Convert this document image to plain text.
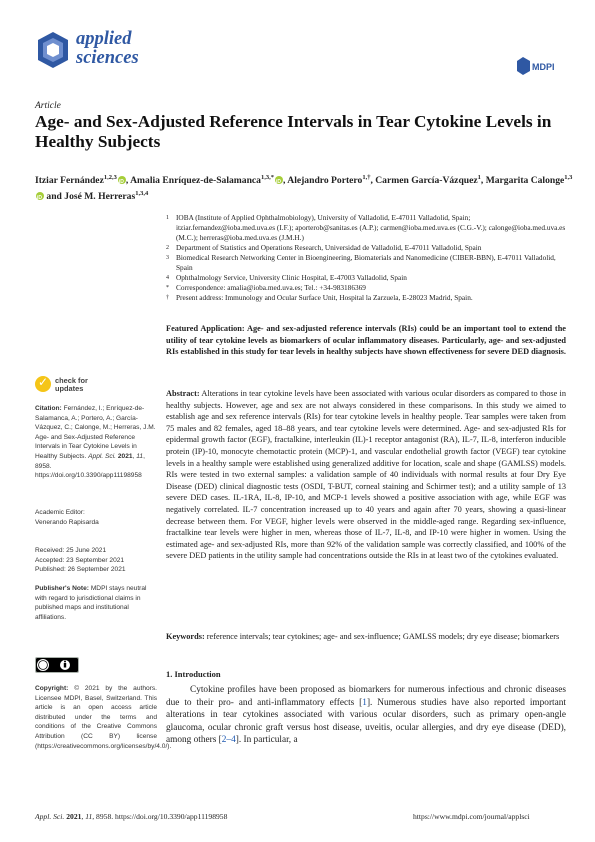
applied
sciences	MDPI
Article
Age- and Sex-Adjusted Reference Intervals in Tear Cytokine Levels in Healthy Subjects
Itziar Fernández$^{1,2,3}$ iD , Amalia Enríquez-de-Salamanca$^{1,3,*}$ iD , Alejandro Portero$^{1,\dagger}$, Carmen García-Vázquez$^1$, Margarita Calonge$^{1,3}$iD and José M. Herreras$^{1,3,4}$
1 IOBA (Institute of Applied Ophthalmobiology), University of Valladolid, E-47011 Valladolid, Spain; itziar.fernandez@ioba.med.uva.es (I.F.); aporterob@sanitas.es (A.P.); carmen@ioba.med.uva.es (C.G.-V.); calonge@ioba.med.uva.es (M.C.); herreras@ioba.med.uva.es (J.M.H.)
2 Department of Statistics and Operations Research, Universidad de Valladolid, E-47011 Valladolid, Spain
3 Biomedical Research Networking Center in Bioengineering, Biomaterials and Nanomedicine (CIBER-BBN), E-47011 Valladolid, Spain
4 Ophthalmology Service, University Clinic Hospital, E-47003 Valladolid, Spain
* Correspondence: amalia@ioba.med.uva.es; Tel.: +34-983186369
† Present address: Immunology and Ocular Surface Unit, Hospital la Zarzuela, E-28023 Madrid, Spain.
Featured Application: Age- and sex-adjusted reference intervals (RIs) could be an important tool to extend the utility of tear cytokine levels as biomarkers of ocular inflammatory diseases. Particularly, age- and sex-adjusted RIs established in this study for tear levels in healthy subjects have shown effectiveness for severe DED diagnosis.
Abstract: Alterations in tear cytokine levels have been associated with various ocular disorders as compared to those in healthy subjects. However, age and sex are not always considered in these comparisons. In this study we aimed to establish age and sex reference intervals (RIs) for tear cytokine levels in healthy people. Tear samples were taken from 75 males and 82 females, aged 18–88 years, and tear cytokine levels were determined. Age- and sex-adjusted RIs for epidermal growth factor (EGF), fractalkine, interleukin (IL)-1 receptor antagonist (RA), IL-7, IL-8, interferon inducible protein (IP)-10, monocyte chemotactic protein (MCP)-1, and vascular endothelial growth factor (VEGF) tear cytokine levels in a healthy sample were established using generalized additive for location, scale and shape (GAMLSS) models. RIs were tested in two external samples: a validation sample of 40 individuals with normal results at four Dry Eye Disease (DED) clinical diagnostic tests (OSDI, T-BUT, corneal staining and Schirmer test); and a utility sample of 13 severe DED cases. IL-1RA, IL-8, IP-10, and MCP-1 levels showed a positive association with age, while EGF was negatively correlated. IL-7 concentration increased up to 40 years and again after 70 years, showing a quasi-linear decrease between them. For VEGF, higher levels were observed in the middle-aged range. Regarding sex-influence, fractalkine tear levels were higher in men, whereas those of IL-7, IL-8, and IP-10 were higher in women. Using the estimated age- and sex-adjusted RIs, more than 92% of the validation sample was correctly classified, and 100% of the severe DED patients in the utility sample had concentrations outside the RIs in at least two of the cytokines evaluated.
Keywords: reference intervals; tear cytokines; age- and sex-influence; GAMLSS models; dry eye disease; biomarkers
1. Introduction
Cytokine profiles have been proposed as biomarkers for numerous infectious and chronic diseases due to their pro- and anti-inflammatory effects [1]. Numerous studies have also reported important alterations in tear cytokines associated with various ocular disorders, such as primary open-angle glaucoma, ocular chronic graft versus host disease, uveitis, ocular allergies, and dry eye disease (DED), among others [2–4]. In particular, a
✓
check for
updates
Citation: Fernández, I.; Enríquez-de-Salamanca, A.; Portero, A.; García-Vázquez, C.; Calonge, M.; Herreras, J.M. Age- and Sex-Adjusted Reference Intervals in Tear Cytokine Levels in Healthy Subjects. Appl. Sci. 2021, 11, 8958. https://doi.org/10.3390/app11198958
Academic Editor:
Venerando Rapisarda
Received: 25 June 2021
Accepted: 23 September 2021
Published: 26 September 2021
Publisher's Note: MDPI stays neutral with regard to jurisdictional claims in published maps and institutional affiliations.
Copyright: © 2021 by the authors. Licensee MDPI, Basel, Switzerland. This article is an open access article distributed under the terms and conditions of the Creative Commons Attribution (CC BY) license (https://creativecommons.org/licenses/by/4.0/).
Appl. Sci. 2021, 11, 8958. https://doi.org/10.3390/app11198958	https://www.mdpi.com/journal/applsci
